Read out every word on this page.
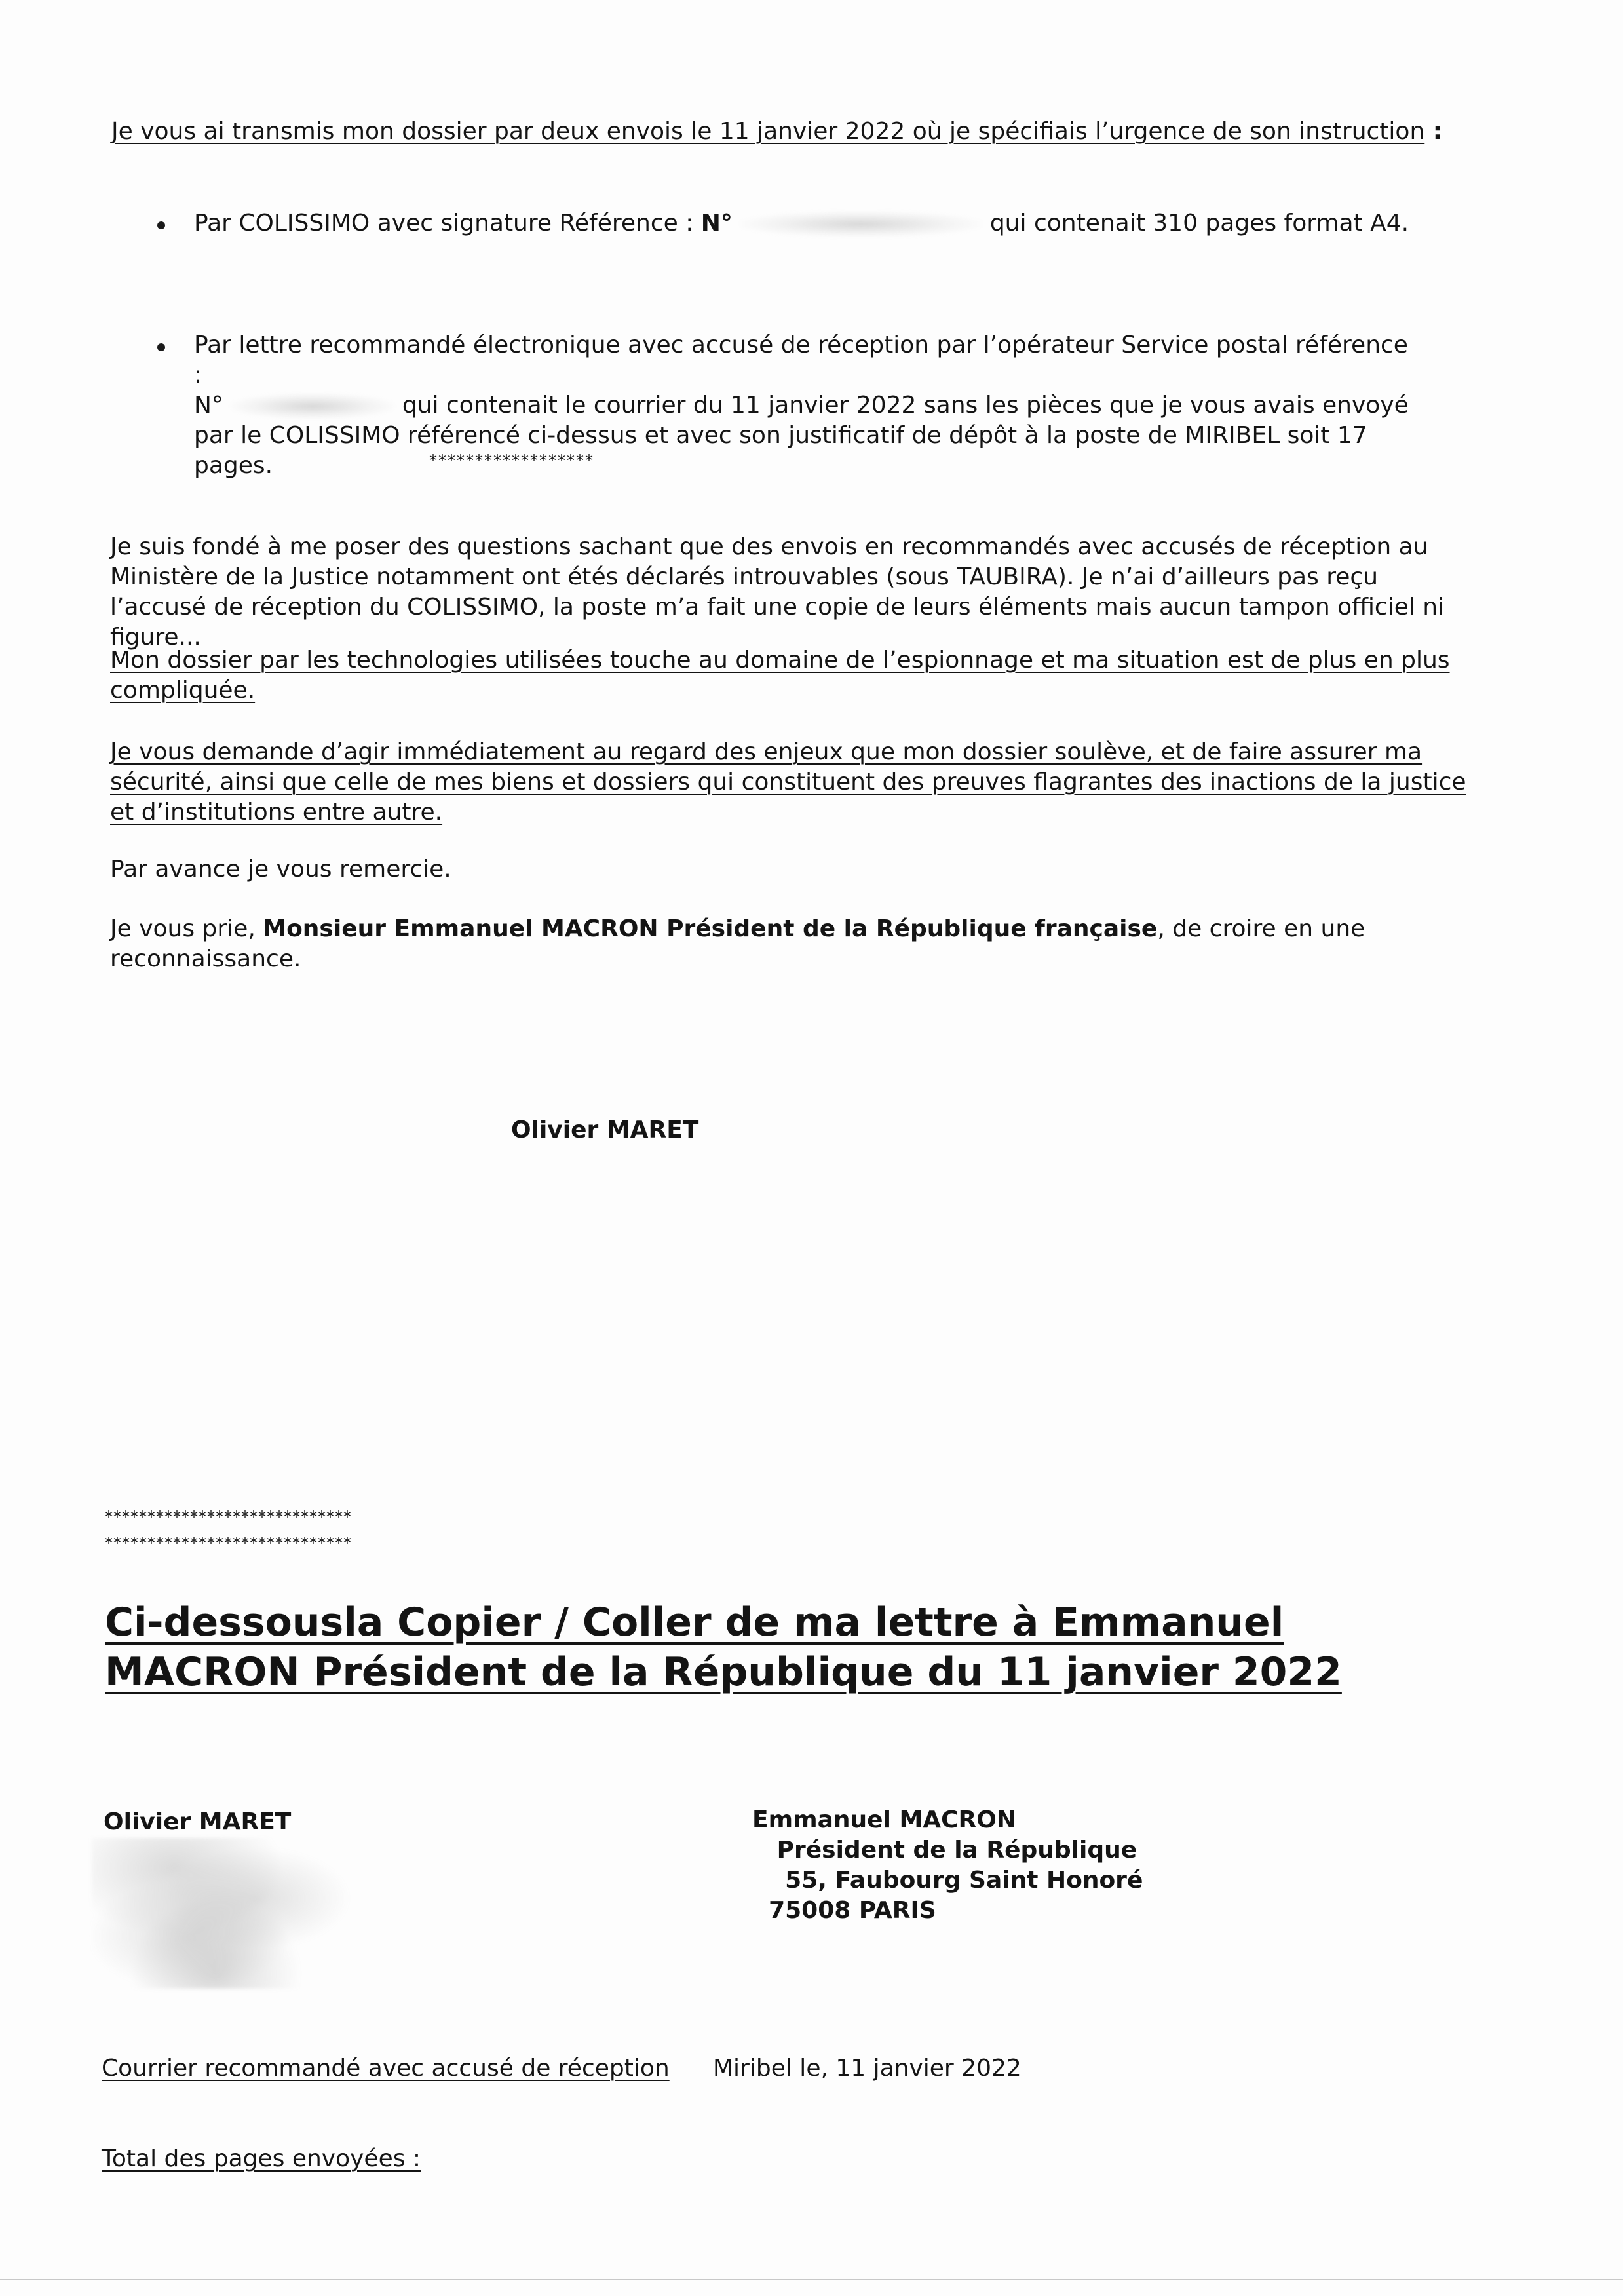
Je vous ai transmis mon dossier par deux envois le 11 janvier 2022 où je spécifiais l’urgence de son instruction :
Par COLISSIMO avec signature Référence : N°	qui contenait 310 pages format A4.
Par lettre recommandé électronique avec accusé de réception par l’opérateur Service postal référence :
N°	qui contenait le courrier du 11 janvier 2022 sans les pièces que je vous avais envoyé par le COLISSIMO référencé ci-dessus et avec son justificatif de dépôt à la poste de MIRIBEL soit 17 pages.	******************
Je suis fondé à me poser des questions sachant que des envois en recommandés avec accusés de réception au Ministère de la Justice notamment ont étés déclarés introuvables (sous TAUBIRA). Je n’ai d’ailleurs pas reçu l’accusé de réception du COLISSIMO, la poste m’a fait une copie de leurs éléments mais aucun tampon officiel ni figure...
Mon dossier par les technologies utilisées touche au domaine de l’espionnage et ma situation est de plus en plus compliquée.
Je vous demande d’agir immédiatement au regard des enjeux que mon dossier soulève, et de faire assurer ma sécurité, ainsi que celle de mes biens et dossiers qui constituent des preuves flagrantes des inactions de la justice et d’institutions entre autre.
Par avance je vous remercie.
Je vous prie, Monsieur Emmanuel MACRON Président de la République française, de croire en une reconnaissance.
Olivier MARET
*****************************
*****************************
Ci-dessousla Copier / Coller de ma lettre à Emmanuel
MACRON Président de la République du 11 janvier 2022
Olivier MARET	Emmanuel MACRON
Président de la République
55, Faubourg Saint Honoré
75008 PARIS
Courrier recommandé avec accusé de réception Miribel le, 11 janvier 2022
Total des pages envoyées :
